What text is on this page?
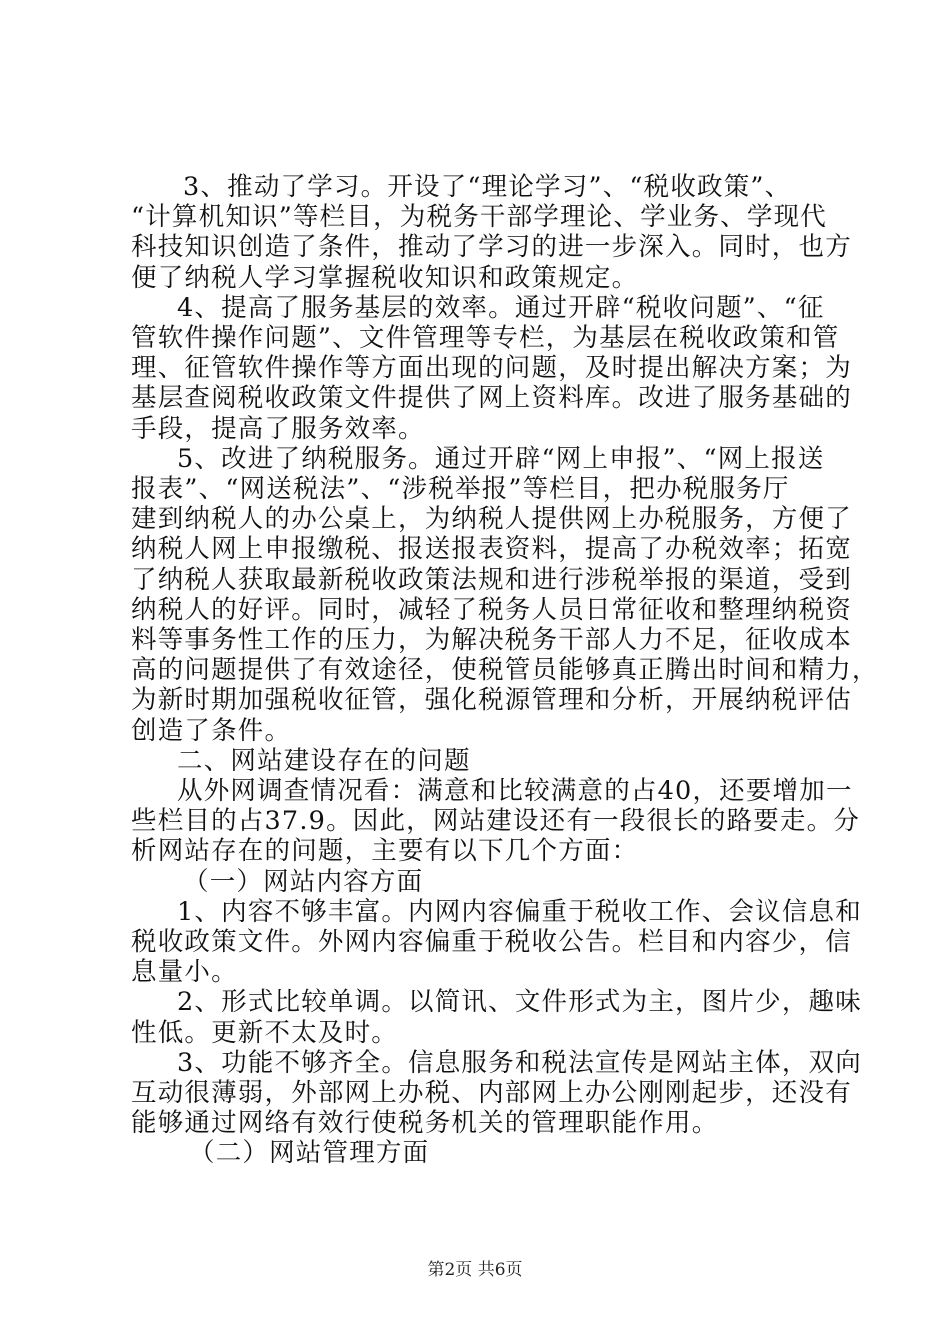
3、推动了学习。开设了“理论学习”、“税收政策”、
“计算机知识”等栏目，为税务干部学理论、学业务、学现代
科技知识创造了条件，推动了学习的进一步深入。同时，也方
便了纳税人学习掌握税收知识和政策规定。
4、提高了服务基层的效率。通过开辟“税收问题”、“征
管软件操作问题”、文件管理等专栏，为基层在税收政策和管
理、征管软件操作等方面出现的问题，及时提出解决方案；为
基层查阅税收政策文件提供了网上资料库。改进了服务基础的
手段，提高了服务效率。
5、改进了纳税服务。通过开辟“网上申报”、“网上报送
报表”、“网送税法”、“涉税举报”等栏目，把办税服务厅
建到纳税人的办公桌上，为纳税人提供网上办税服务，方便了
纳税人网上申报缴税、报送报表资料，提高了办税效率；拓宽
了纳税人获取最新税收政策法规和进行涉税举报的渠道，受到
纳税人的好评。同时，减轻了税务人员日常征收和整理纳税资
料等事务性工作的压力，为解决税务干部人力不足，征收成本
高的问题提供了有效途径，使税管员能够真正腾出时间和精力，
为新时期加强税收征管，强化税源管理和分析，开展纳税评估
创造了条件。
二、网站建设存在的问题
从外网调查情况看：满意和比较满意的占40，还要增加一
些栏目的占37.9。因此，网站建设还有一段很长的路要走。分
析网站存在的问题，主要有以下几个方面：
（一）网站内容方面
1、内容不够丰富。内网内容偏重于税收工作、会议信息和
税收政策文件。外网内容偏重于税收公告。栏目和内容少，信
息量小。
2、形式比较单调。以简讯、文件形式为主，图片少，趣味
性低。更新不太及时。
3、功能不够齐全。信息服务和税法宣传是网站主体，双向
互动很薄弱，外部网上办税、内部网上办公刚刚起步，还没有
能够通过网络有效行使税务机关的管理职能作用。
（二）网站管理方面
第2页 共6页
